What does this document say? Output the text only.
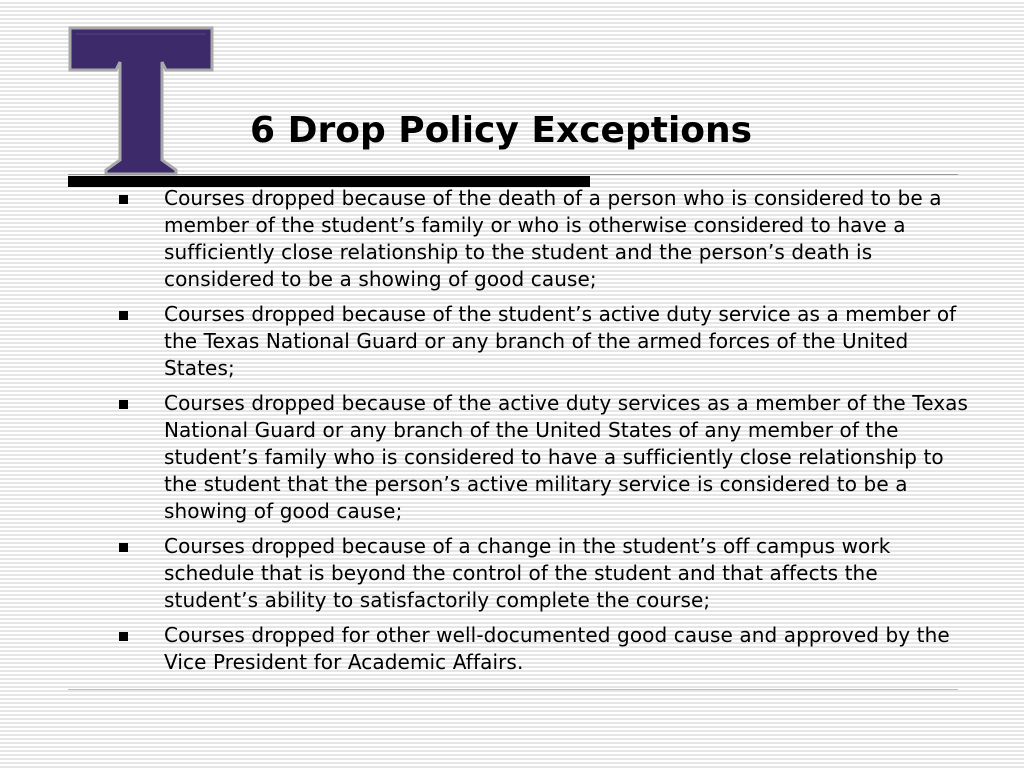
6 Drop Policy Exceptions
Courses dropped because of the death of a person who is considered to be a member of the student’s family or who is otherwise considered to have a sufficiently close relationship to the student and the person’s death is considered to be a showing of good cause;
Courses dropped because of the student’s active duty service as a member of the Texas National Guard or any branch of the armed forces of the United States;
Courses dropped because of the active duty services as a member of the Texas National Guard or any branch of the United States of any member of the student’s family who is considered to have a sufficiently close relationship to the student that the person’s active military service is considered to be a showing of good cause;
Courses dropped because of a change in the student’s off campus work schedule that is beyond the control of the student and that affects the student’s ability to satisfactorily complete the course;
Courses dropped for other well-documented good cause and approved by the Vice President for Academic Affairs.
